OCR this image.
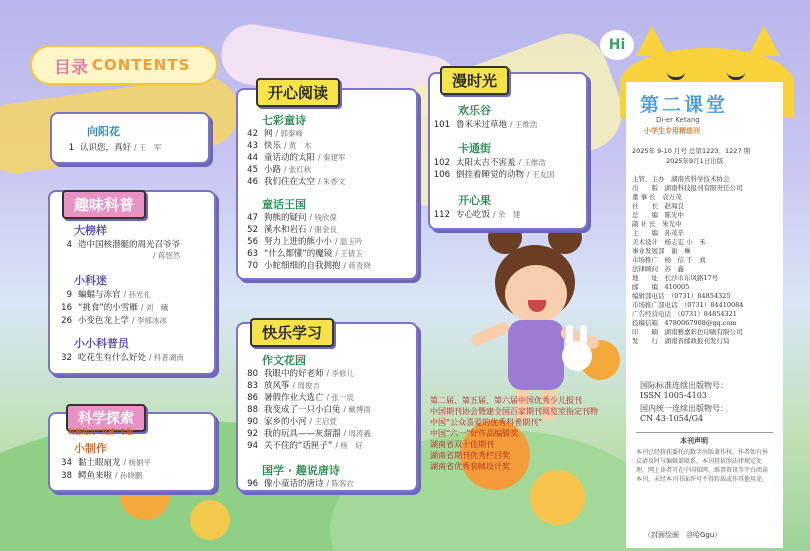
目录 CONTENTS
向阳花
1 认识您，真好 / 王　军
大榜样
4 造中国核潜艇的周光召爷爷
/ 蒋悠然
小科迷
9 蝙蝠与冻官 / 孙光礼
16 “挑食”的小雪雁 / 刘　曦
26 小变色龙上学 / 李郁冰冰
小小科普员
32 吃花生有什么好处 / 科普湖南
趣味科普
小制作
34 黏土眼扇龙 / 杨娟平
38 鳄鱼来啦 / 孙晓鹏
科学探索
科普助力“双减”专版
七彩童诗
42 网 / 郭秦峰
43 快乐 / 黄　木
44 童话动的太阳 / 秦建军
45 小路 / 张红秋
46 我们住在太空 / 朱香文
童话王国
47 狗熊的疑问 / 钱欣葆
52 溪水和岩石 / 谢金良
56 努力上进的熊小小 / 温玉吟
63 “什么都懂”的魔镜 / 王倩玉
70 小蛇细细的自我拥抱 / 蒋青晓
开心阅读
作文花园
80 我眼中的好老师 / 李修儿
83 放风筝 / 周俊吉
86 暑假作业大选亡 / 张一宸
88 我变成了一只小白兔 / 戴博雨
90 家乡的小河 / 王启萱
92 我的玩具——灰溜溜 / 周涛羲
94 关不住的“话匣子” / 杨　好
国学 · 趣说唐诗
96 像小童话的唐诗 / 陈客衣
快乐学习
欢乐谷
101 鲁米米过草地 / 王维浩
卡通街
102 太阳太吉不害羞 / 王维浩
106 倒挂着睡觉的动物 / 王友国
开心果
112 专心吃饭 / 余　建
漫时光
第二届、第五届、第六届中国优秀少儿报刊
中国期刊协会暨建全国百家期刊阅览室指定刊物
中国“公众喜爱的优秀科普期刊”
中国“六一”好作品编辑奖
湖南省双十佳期刊
湖南省期刊优秀栏目奖
湖南省优秀装帧设计奖
Hi
第二课堂
Di-er Ketang
小学生专用精选刊
2025年 9-10 月号 总第1223、1227 期
2025年9月1日出版
主管、主办　湖南省科学技术协会
出　　版　湖南科技报刊有限责任公司
董 事 长　袁万茂
社　　长　赵海良
总　　编　陈光中
副 社 长　朱光中
主　　编　孙茂辛
美术设计　杨志宏 小　禾
事业发展部　谢　琳
市场推广　杨　信 于　刘
法律顾问　苏　鑫
地　　址　长沙市东风路17号
邮　　编　410005
编辑部电话　（0731）84854325
市场推广部电话　（0731）84410084
广告经营电话　（0731）84854321
投稿信箱　4780067908@qq.com
印　　刷　湖南雅嘉彩色印刷有限公司
发　　行　湖南省邮政报刊发行局
国际标准连续出版物号：
ISSN 1005-4103
国内统一连续出版物号：
CN 43-1054/G4
本刊声明
本刊已经将获委托的数字出版著作权，作者如有异议请及时与编辑部联系，本刊将依照法律规定处理。网上读者可在中国知网、维普资讯等平台阅读本刊，未经本刊书面许可不得转载或作其他用途。
（封面绘画　谷哈Ggu）
